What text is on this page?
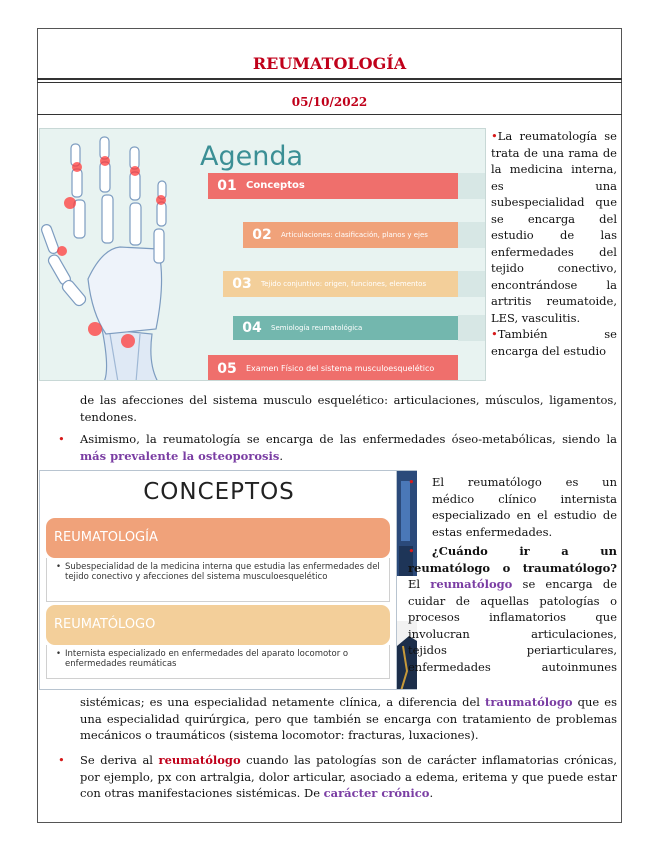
REUMATOLOGÍA
05/10/2022
Agenda
01 Conceptos
02	Articulaciones: clasificación, planos y ejes
03	Tejido conjuntivo: origen, funciones, elementos
04	Semiología reumatológica
05	Examen Físico del sistema musculoesquelético
•La reumatología se
trata de una rama de
la medicina interna,
es una
subespecialidad que
se encarga del
estudio de las
enfermedades del
tejido conectivo,
encontrándose la
artritis reumatoide,
LES, vasculitis.
•También	se
encarga del estudio
de las afecciones del sistema musculo esquelético: articulaciones, músculos, ligamentos, tendones.
• Asimismo, la reumatología se encarga de las enfermedades óseo-metabólicas, siendo la más prevalente la osteoporosis.
CONCEPTOS
REUMATOLOGÍA
• Subespecialidad de la medicina interna que estudia las enfermedades del tejido conectivo y afecciones del sistema musculoesquelético
REUMATÓLOGO
• Internista especializado en enfermedades del aparato locomotor o enfermedades reumáticas
• El reumatólogo es un
médico clínico internista
especializado en el estudio de
estas enfermedades.
• ¿Cuándo ir a un
reumatólogo o traumatólogo?
El reumatólogo se encarga de
cuidar de aquellas patologías o
procesos inflamatorios que
involucran articulaciones,
tejidos periarticulares,
enfermedades autoinmunes
sistémicas; es una especialidad netamente clínica, a diferencia del traumatólogo que es una especialidad quirúrgica, pero que también se encarga con tratamiento de problemas mecánicos o traumáticos (sistema locomotor: fracturas, luxaciones).
• Se deriva al reumatólogo cuando las patologías son de carácter inflamatorias crónicas, por ejemplo, px con artralgia, dolor articular, asociado a edema, eritema y que puede estar con otras manifestaciones sistémicas. De carácter crónico.
